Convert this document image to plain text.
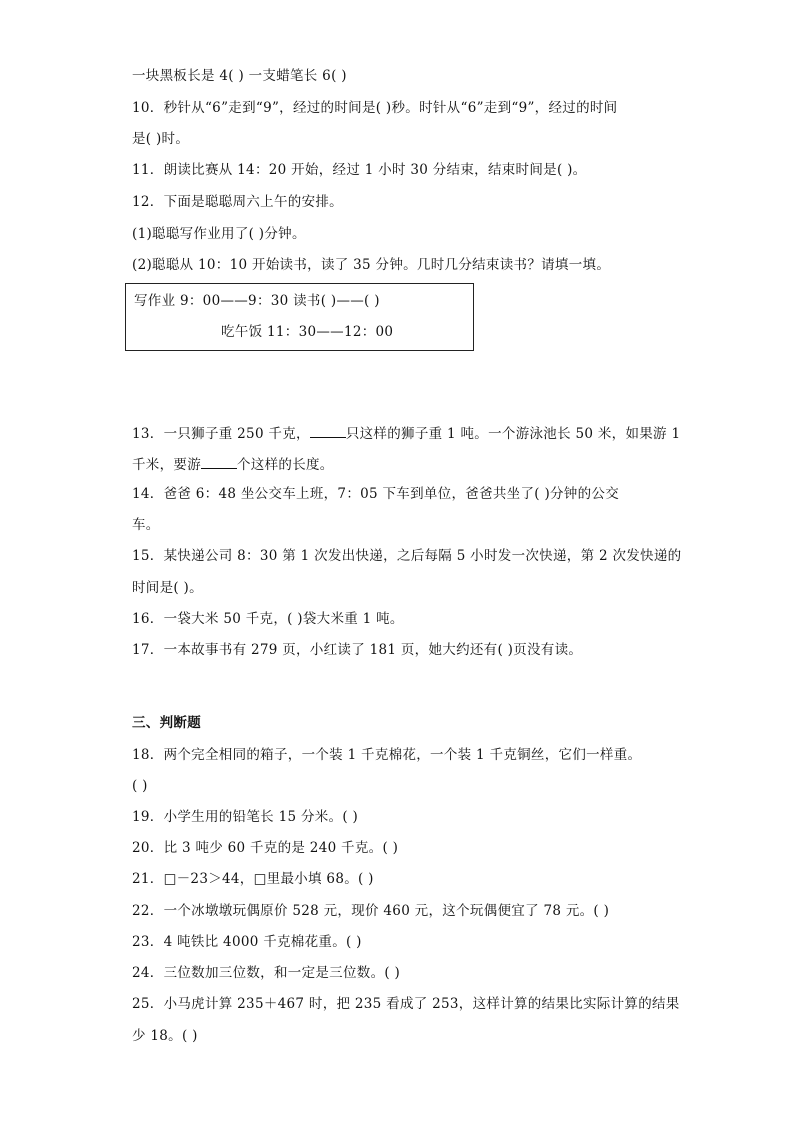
一块黑板长是 4( ) 一支蜡笔长 6( )
10．秒针从“6”走到“9”，经过的时间是( )秒。时针从“6”走到“9”，经过的时间
是( )时。
11．朗读比赛从 14：20 开始，经过 1 小时 30 分结束，结束时间是( )。
12．下面是聪聪周六上午的安排。
(1)聪聪写作业用了( )分钟。
(2)聪聪从 10：10 开始读书，读了 35 分钟。几时几分结束读书？请填一填。
写作业 9：00——9：30 读书( )——( )
吃午饭 11：30——12：00
13．一只狮子重 250 千克，	只这样的狮子重 1 吨。一个游泳池长 50 米，如果游 1
千米，要游	个这样的长度。
14．爸爸 6：48 坐公交车上班，7：05 下车到单位，爸爸共坐了( )分钟的公交
车。
15．某快递公司 8：30 第 1 次发出快递，之后每隔 5 小时发一次快递，第 2 次发快递的
时间是( )。
16．一袋大米 50 千克，( )袋大米重 1 吨。
17．一本故事书有 279 页，小红读了 181 页，她大约还有( )页没有读。
三、判断题
18．两个完全相同的箱子，一个装 1 千克棉花，一个装 1 千克铜丝，它们一样重。
( )
19．小学生用的铅笔长 15 分米。( )
20．比 3 吨少 60 千克的是 240 千克。( )
21．□－23＞44，□里最小填 68。( )
22．一个冰墩墩玩偶原价 528 元，现价 460 元，这个玩偶便宜了 78 元。( )
23．4 吨铁比 4000 千克棉花重。( )
24．三位数加三位数，和一定是三位数。( )
25．小马虎计算 235＋467 时，把 235 看成了 253，这样计算的结果比实际计算的结果
少 18。( )
